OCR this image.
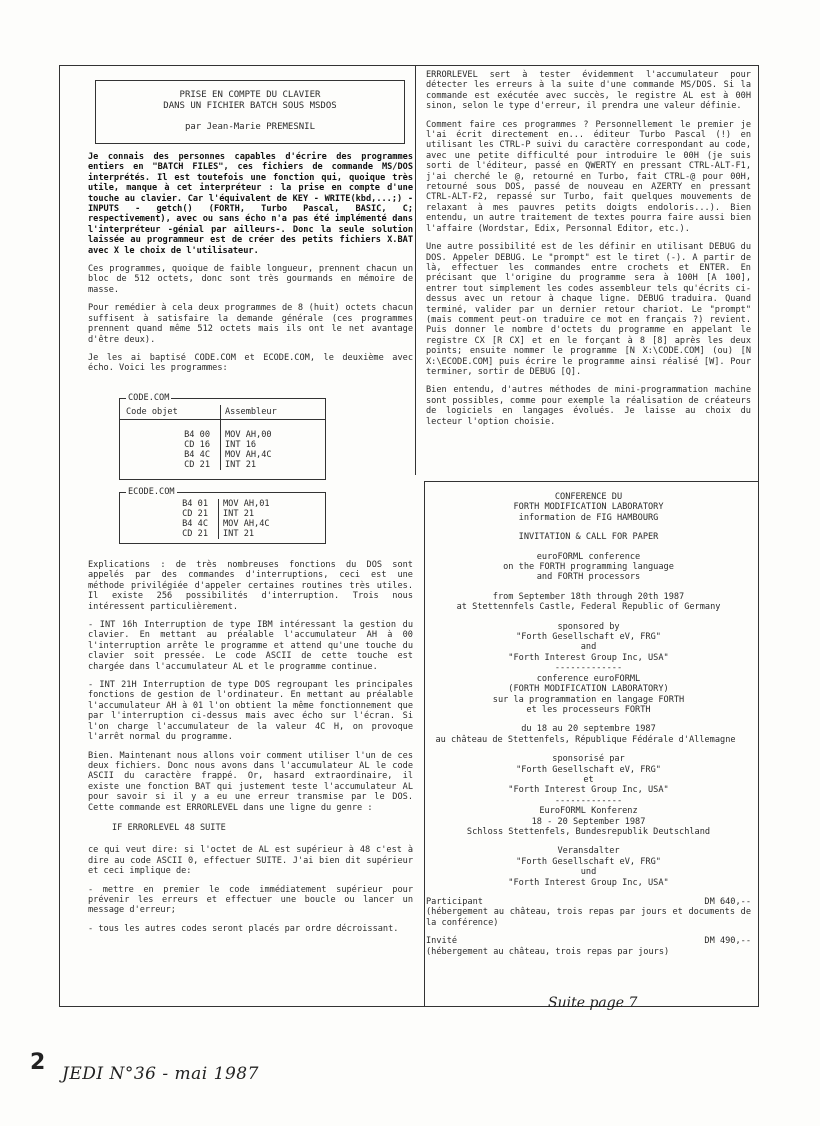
PRISE EN COMPTE DU CLAVIER
DANS UN FICHIER BATCH SOUS MSDOS
par Jean-Marie PREMESNIL

Je connais des personnes capables d'écrire des programmes entiers en "BATCH FILES", ces fichiers de commande MS/DOS interprétés. Il est toutefois une fonction qui, quoique très utile, manque à cet interpréteur : la prise en compte d'une touche au clavier. Car l'équivalent de KEY - WRITE(kbd,...;) - INPUTS - getch() (FORTH, Turbo Pascal, BASIC, C; respectivement), avec ou sans écho n'a pas été implémenté dans l'interpréteur -génial par ailleurs-. Donc la seule solution laissée au programmeur est de créer des petits fichiers X.BAT avec X le choix de l'utilisateur.

Ces programmes, quoique de faible longueur, prennent chacun un bloc de 512 octets, donc sont très gourmands en mémoire de masse.

Pour remédier à cela deux programmes de 8 (huit) octets chacun suffisent à satisfaire la demande générale (ces programmes prennent quand même 512 octets mais ils ont le net avantage d'être deux).

Je les ai baptisé CODE.COM et ECODE.COM, le deuxième avec écho. Voici les programmes:

CODE.COM
Code objet	Assembleur

B4 00	MOV AH,00
CD 16	INT 16
B4 4C	MOV AH,4C
CD 21	INT 21
ECODE.COM
B4 01	MOV AH,01
CD 21	INT 21
B4 4C	MOV AH,4C
CD 21	INT 21

Explications : de très nombreuses fonctions du DOS sont appelés par des commandes d'interruptions, ceci est une méthode privilégiée d'appeler certaines routines très utiles. Il existe 256 possibilités d'interruption. Trois nous intéressent particulièrement.

- INT 16h Interruption de type IBM intéressant la gestion du clavier. En mettant au préalable l'accumulateur AH à 00 l'interruption arrête le programme et attend qu'une touche du clavier soit pressée. Le code ASCII de cette touche est chargée dans l'accumulateur AL et le programme continue.

- INT 21H Interruption de type DOS regroupant les principales fonctions de gestion de l'ordinateur. En mettant au préalable l'accumulateur AH à 01 l'on obtient la même fonctionnement que par l'interruption ci-dessus mais avec écho sur l'écran. Si l'on charge l'accumulateur de la valeur 4C H, on provoque l'arrêt normal du programme.

Bien. Maintenant nous allons voir comment utiliser l'un de ces deux fichiers. Donc nous avons dans l'accumulateur AL le code ASCII du caractère frappé. Or, hasard extraordinaire, il existe une fonction BAT qui justement teste l'accumulateur AL pour savoir si il y a eu une erreur transmise par le DOS. Cette commande est ERRORLEVEL dans une ligne du genre :

IF ERRORLEVEL 48 SUITE

ce qui veut dire: si l'octet de AL est supérieur à 48 c'est à dire au code ASCII 0, effectuer SUITE. J'ai bien dit supérieur et ceci implique de:

- mettre en premier le code immédiatement supérieur pour prévenir les erreurs et effectuer une boucle ou lancer un message d'erreur;

- tous les autres codes seront placés par ordre décroissant.

ERRORLEVEL sert à tester évidemment l'accumulateur pour détecter les erreurs à la suite d'une commande MS/DOS. Si la commande est exécutée avec succès, le registre AL est à 00H sinon, selon le type d'erreur, il prendra une valeur définie.

Comment faire ces programmes ? Personnellement le premier je l'ai écrit directement en... éditeur Turbo Pascal (!) en utilisant les CTRL-P suivi du caractère correspondant au code, avec une petite difficulté pour introduire le 00H (je suis sorti de l'éditeur, passé en QWERTY en pressant CTRL-ALT-F1, j'ai cherché le @, retourné en Turbo, fait CTRL-@ pour 00H, retourné sous DOS, passé de nouveau en AZERTY en pressant CTRL-ALT-F2, repassé sur Turbo, fait quelques mouvements de relaxant à mes pauvres petits doigts endoloris...). Bien entendu, un autre traitement de textes pourra faire aussi bien l'affaire (Wordstar, Edix, Personnal Editor, etc.).

Une autre possibilité est de les définir en utilisant DEBUG du DOS. Appeler DEBUG. Le "prompt" est le tiret (-). A partir de là, effectuer les commandes entre crochets et ENTER. En précisant que l'origine du programme sera à 100H [A 100], entrer tout simplement les codes assembleur tels qu'écrits ci-dessus avec un retour à chaque ligne. DEBUG traduira. Quand terminé, valider par un dernier retour chariot. Le "prompt" (mais comment peut-on traduire ce mot en français ?) revient. Puis donner le nombre d'octets du programme en appelant le registre CX [R CX] et en le forçant à 8 [8] après les deux points; ensuite nommer le programme [N X:\CODE.COM] (ou) [N X:\ECODE.COM] puis écrire le programme ainsi réalisé [W]. Pour terminer, sortir de DEBUG [Q].

Bien entendu, d'autres méthodes de mini-programmation machine sont possibles, comme pour exemple la réalisation de créateurs de logiciels en langages évolués. Je laisse au choix du lecteur l'option choisie.

CONFERENCE DU

FORTH MODIFICATION LABORATORY

information de FIG HAMBOURG

INVITATION & CALL FOR PAPER

euroFORML conference

on the FORTH programming language

and FORTH processors

from September 18th through 20th 1987

at Stettennfels Castle, Federal Republic of Germany

sponsored by

"Forth Gesellschaft eV, FRG"

and

"Forth Interest Group Inc, USA"

-------------

conference euroFORML

(FORTH MODIFICATION LABORATORY)

sur la programmation en langage FORTH

et les processeurs FORTH

du 18 au 20 septembre 1987

au château de Stettenfels, République Fédérale d'Allemagne

sponsorisé par

"Forth Gesellschaft eV, FRG"

et

"Forth Interest Group Inc, USA"

-------------

EuroFORML Konferenz

18 - 20 September 1987

Schloss Stettenfels, Bundesrepublik Deutschland

Veransdalter

"Forth Gesellschaft eV, FRG"

und

"Forth Interest Group Inc, USA"

Participant	DM 640,--

(hébergement au château, trois repas par jours et documents de la conférence)

Invité	DM 490,--

(hébergement au château, trois repas par jours)

Suite page 7
2 JEDI N°36 - mai 1987
